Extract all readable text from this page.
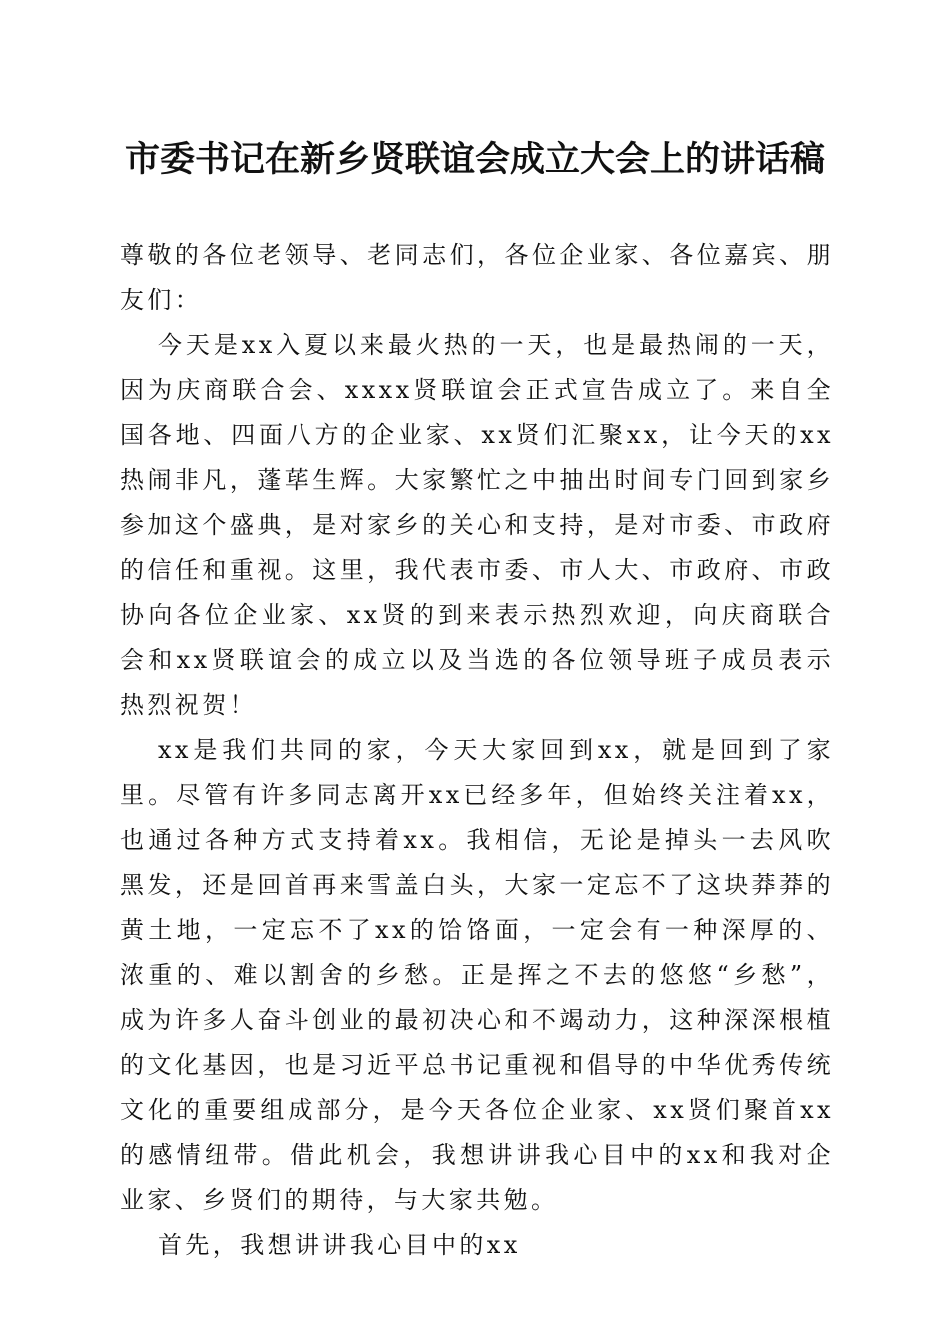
市委书记在新乡贤联谊会成立大会上的讲话稿

尊敬的各位老领导、老同志们，各位企业家、各位嘉宾、朋友们：

今天是xx入夏以来最火热的一天，也是最热闹的一天，因为庆商联合会、xxxx贤联谊会正式宣告成立了。来自全国各地、四面八方的企业家、xx贤们汇聚xx，让今天的xx热闹非凡，蓬荜生辉。大家繁忙之中抽出时间专门回到家乡参加这个盛典，是对家乡的关心和支持，是对市委、市政府的信任和重视。这里，我代表市委、市人大、市政府、市政协向各位企业家、xx贤的到来表示热烈欢迎，向庆商联合会和xx贤联谊会的成立以及当选的各位领导班子成员表示热烈祝贺！

xx是我们共同的家，今天大家回到xx，就是回到了家里。尽管有许多同志离开xx已经多年，但始终关注着xx，也通过各种方式支持着xx。我相信，无论是掉头一去风吹黑发，还是回首再来雪盖白头，大家一定忘不了这块莽莽的黄土地，一定忘不了xx的饸饹面，一定会有一种深厚的、浓重的、难以割舍的乡愁。正是挥之不去的悠悠“乡愁”，成为许多人奋斗创业的最初决心和不竭动力，这种深深根植的文化基因，也是习近平总书记重视和倡导的中华优秀传统文化的重要组成部分，是今天各位企业家、xx贤们聚首xx的感情纽带。借此机会，我想讲讲我心目中的xx和我对企业家、乡贤们的期待，与大家共勉。

首先，我想讲讲我心目中的xx
